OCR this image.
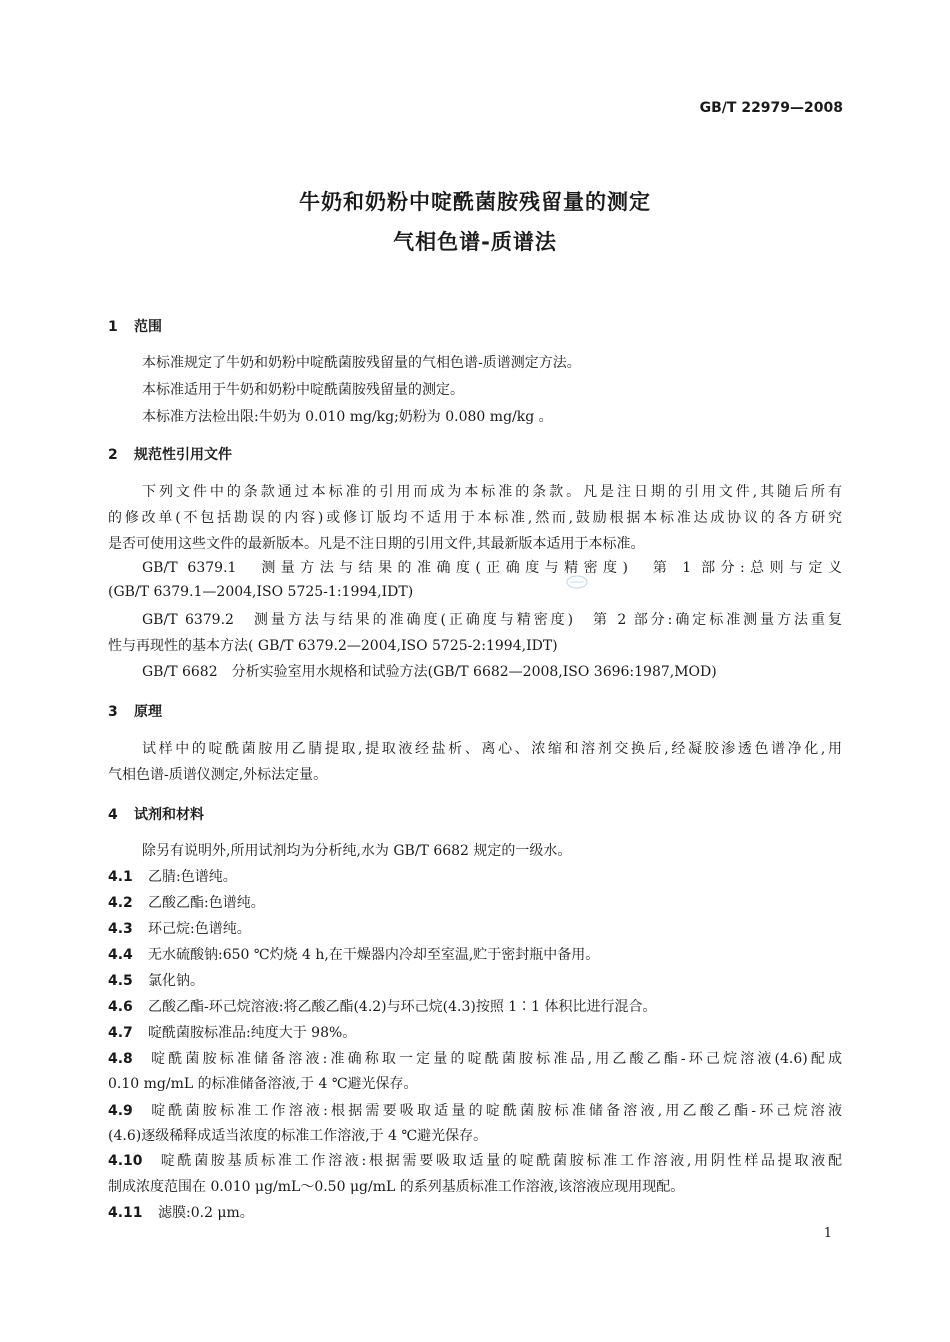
GB/T 22979—2008
牛奶和奶粉中啶酰菌胺残留量的测定
气相色谱-质谱法
1 范围
本标准规定了牛奶和奶粉中啶酰菌胺残留量的气相色谱-质谱测定方法。
本标准适用于牛奶和奶粉中啶酰菌胺残留量的测定。
本标准方法检出限:牛奶为 0.010 mg/kg;奶粉为 0.080 mg/kg 。
2 规范性引用文件
下列文件中的条款通过本标准的引用而成为本标准的条款。凡是注日期的引用文件,其随后所有
的修改单(不包括勘误的内容)或修订版均不适用于本标准,然而,鼓励根据本标准达成协议的各方研究
是否可使用这些文件的最新版本。凡是不注日期的引用文件,其最新版本适用于本标准。
GB/T 6379.1　测量方法与结果的准确度(正确度与精密度)　第 1 部分:总则与定义
(GB/T 6379.1—2004,ISO 5725-1:1994,IDT)
GB/T 6379.2　测量方法与结果的准确度(正确度与精密度)　第 2 部分:确定标准测量方法重复
性与再现性的基本方法( GB/T 6379.2—2004,ISO 5725-2:1994,IDT)
GB/T 6682　分析实验室用水规格和试验方法(GB/T 6682—2008,ISO 3696:1987,MOD)
3 原理
试样中的啶酰菌胺用乙腈提取,提取液经盐析、离心、浓缩和溶剂交换后,经凝胶渗透色谱净化,用
气相色谱-质谱仪测定,外标法定量。
4 试剂和材料
除另有说明外,所用试剂均为分析纯,水为 GB/T 6682 规定的一级水。
4.1 乙腈:色谱纯。
4.2 乙酸乙酯:色谱纯。
4.3 环己烷:色谱纯。
4.4 无水硫酸钠:650 ℃灼烧 4 h,在干燥器内冷却至室温,贮于密封瓶中备用。
4.5 氯化钠。
4.6 乙酸乙酯-环己烷溶液:将乙酸乙酯(4.2)与环己烷(4.3)按照 1∶1 体积比进行混合。
4.7 啶酰菌胺标准品:纯度大于 98%。
4.8 啶酰菌胺标准储备溶液:准确称取一定量的啶酰菌胺标准品,用乙酸乙酯-环己烷溶液(4.6)配成
0.10 mg/mL 的标准储备溶液,于 4 ℃避光保存。
4.9 啶酰菌胺标准工作溶液:根据需要吸取适量的啶酰菌胺标准储备溶液,用乙酸乙酯-环己烷溶液
(4.6)逐级稀释成适当浓度的标准工作溶液,于 4 ℃避光保存。
4.10 啶酰菌胺基质标准工作溶液:根据需要吸取适量的啶酰菌胺标准工作溶液,用阴性样品提取液配
制成浓度范围在 0.010 μg/mL～0.50 μg/mL 的系列基质标准工作溶液,该溶液应现用现配。
4.11 滤膜:0.2 μm。
1
